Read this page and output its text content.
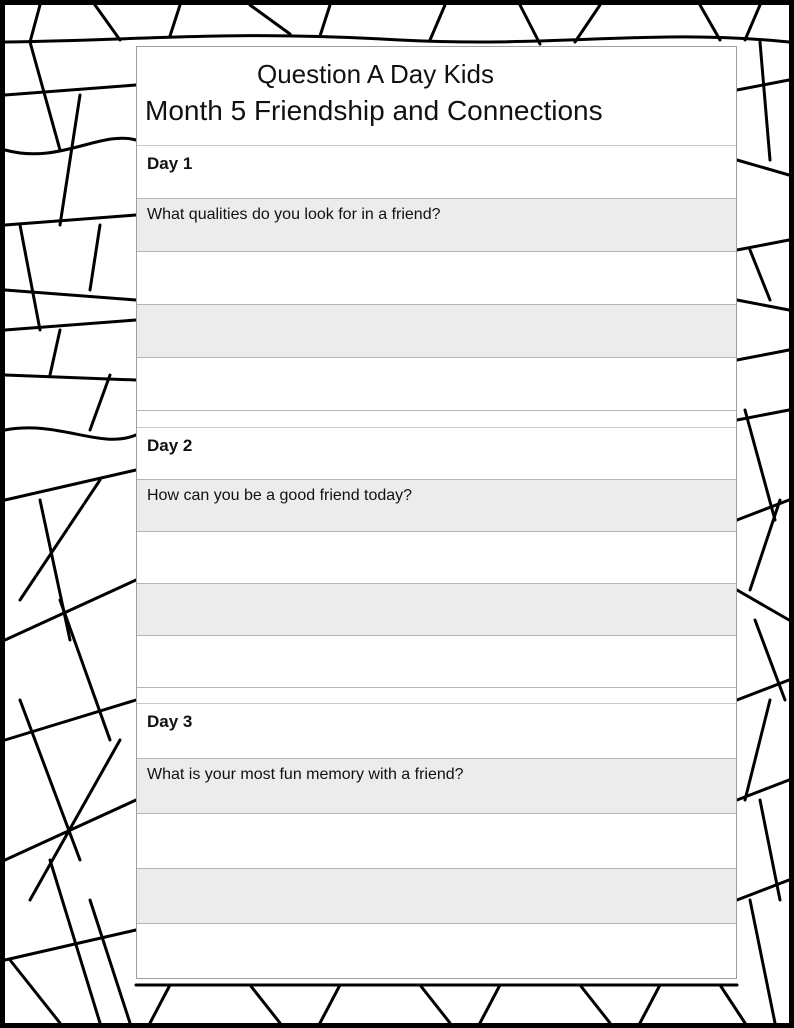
Question A Day Kids
Month 5 Friendship and Connections
Day 1
What qualities do you look for in a friend?
Day 2
How can you be a good friend today?
Day 3
What is your most fun memory with a friend?
